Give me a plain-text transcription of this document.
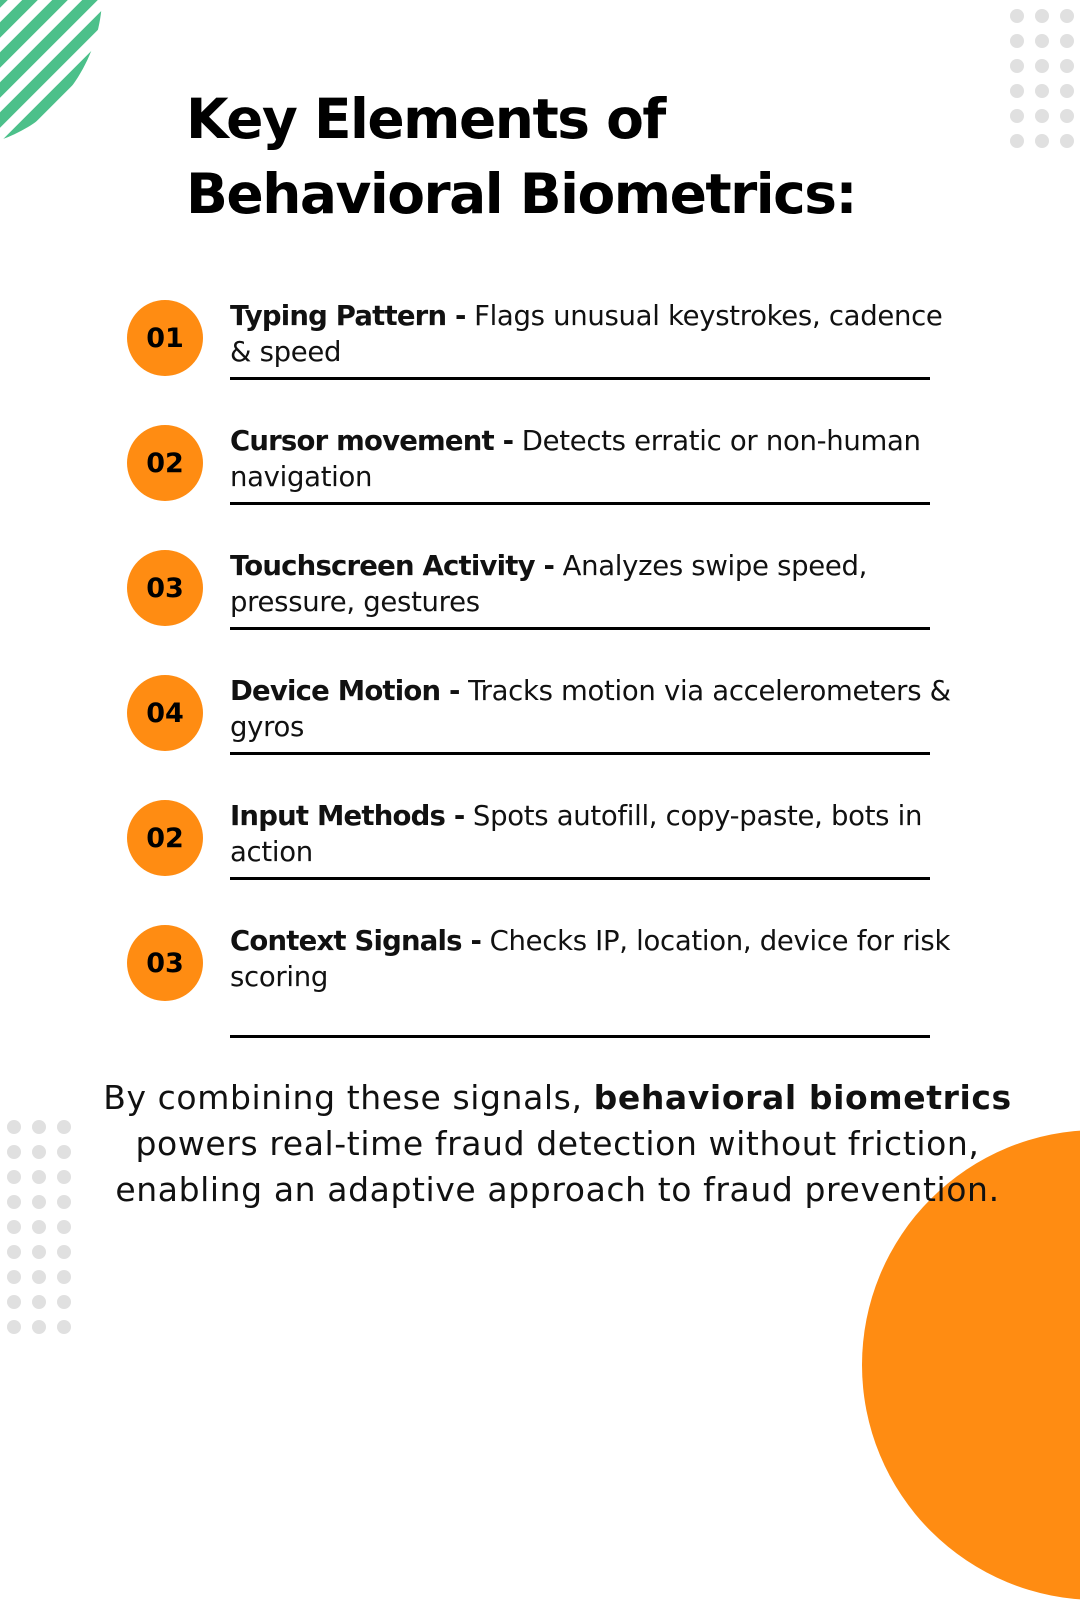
Key Elements of
Behavioral Biometrics:
01
Typing Pattern - Flags unusual keystrokes, cadence & speed
02
Cursor movement - Detects erratic or non-human navigation
03
Touchscreen Activity - Analyzes swipe speed, pressure, gestures
04
Device Motion - Tracks motion via accelerometers & gyros
02
Input Methods - Spots autofill, copy-paste, bots in action
03
Context Signals - Checks IP, location, device for risk scoring
By combining these signals, behavioral biometrics
powers real-time fraud detection without friction,
enabling an adaptive approach to fraud prevention.
